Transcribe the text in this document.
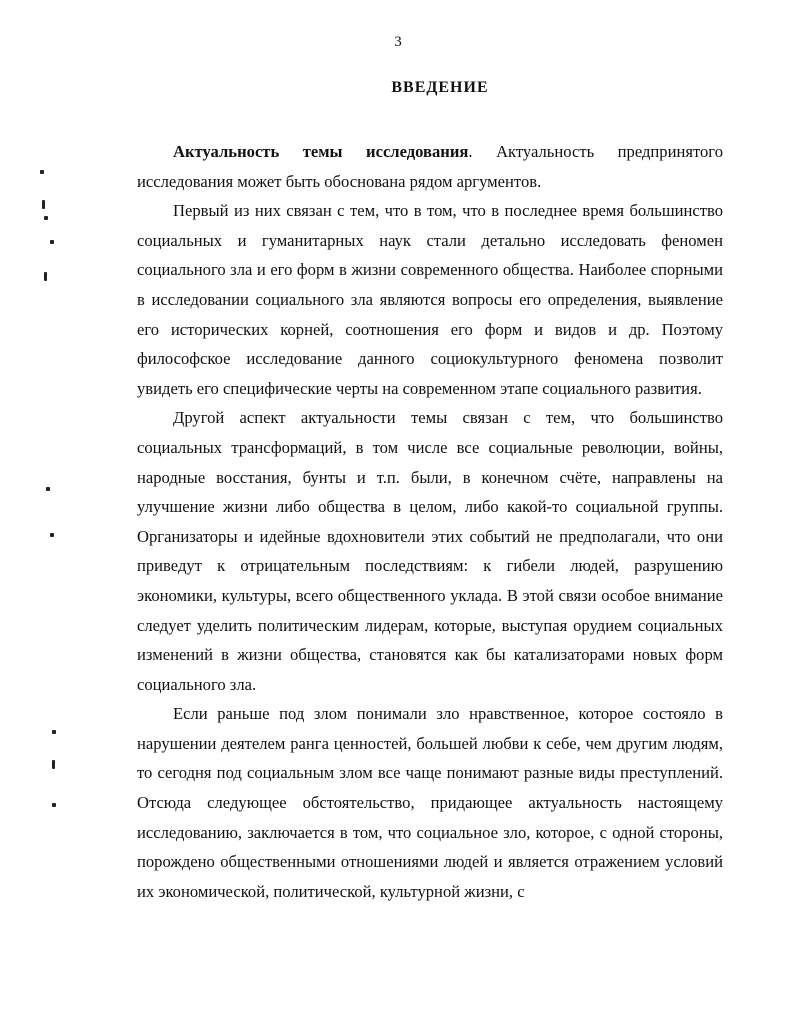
3
ВВЕДЕНИЕ

Актуальность темы исследования. Актуальность предпринятого исследования может быть обоснована рядом аргументов.

Первый из них связан с тем, что в том, что в последнее время большинство социальных и гуманитарных наук стали детально исследовать феномен социального зла и его форм в жизни современного общества. Наиболее спорными в исследовании социального зла являются вопросы его определения, выявление его исторических корней, соотношения его форм и видов и др. Поэтому философское исследование данного социокультурного феномена позволит увидеть его специфические черты на современном этапе социального развития.

Другой аспект актуальности темы связан с тем, что большинство социальных трансформаций, в том числе все социальные революции, войны, народные восстания, бунты и т.п. были, в конечном счёте, направлены на улучшение жизни либо общества в целом, либо какой-то социальной группы. Организаторы и идейные вдохновители этих событий не предполагали, что они приведут к отрицательным последствиям: к гибели людей, разрушению экономики, культуры, всего общественного уклада. В этой связи особое внимание следует уделить политическим лидерам, которые, выступая орудием социальных изменений в жизни общества, становятся как бы катализаторами новых форм социального зла.

Если раньше под злом понимали зло нравственное, которое состояло в нарушении деятелем ранга ценностей, большей любви к себе, чем другим людям, то сегодня под социальным злом все чаще понимают разные виды преступлений. Отсюда следующее обстоятельство, придающее актуальность настоящему исследованию, заключается в том, что социальное зло, которое, с одной стороны, порождено общественными отношениями людей и является отражением условий их экономической, политической, культурной жизни, с
